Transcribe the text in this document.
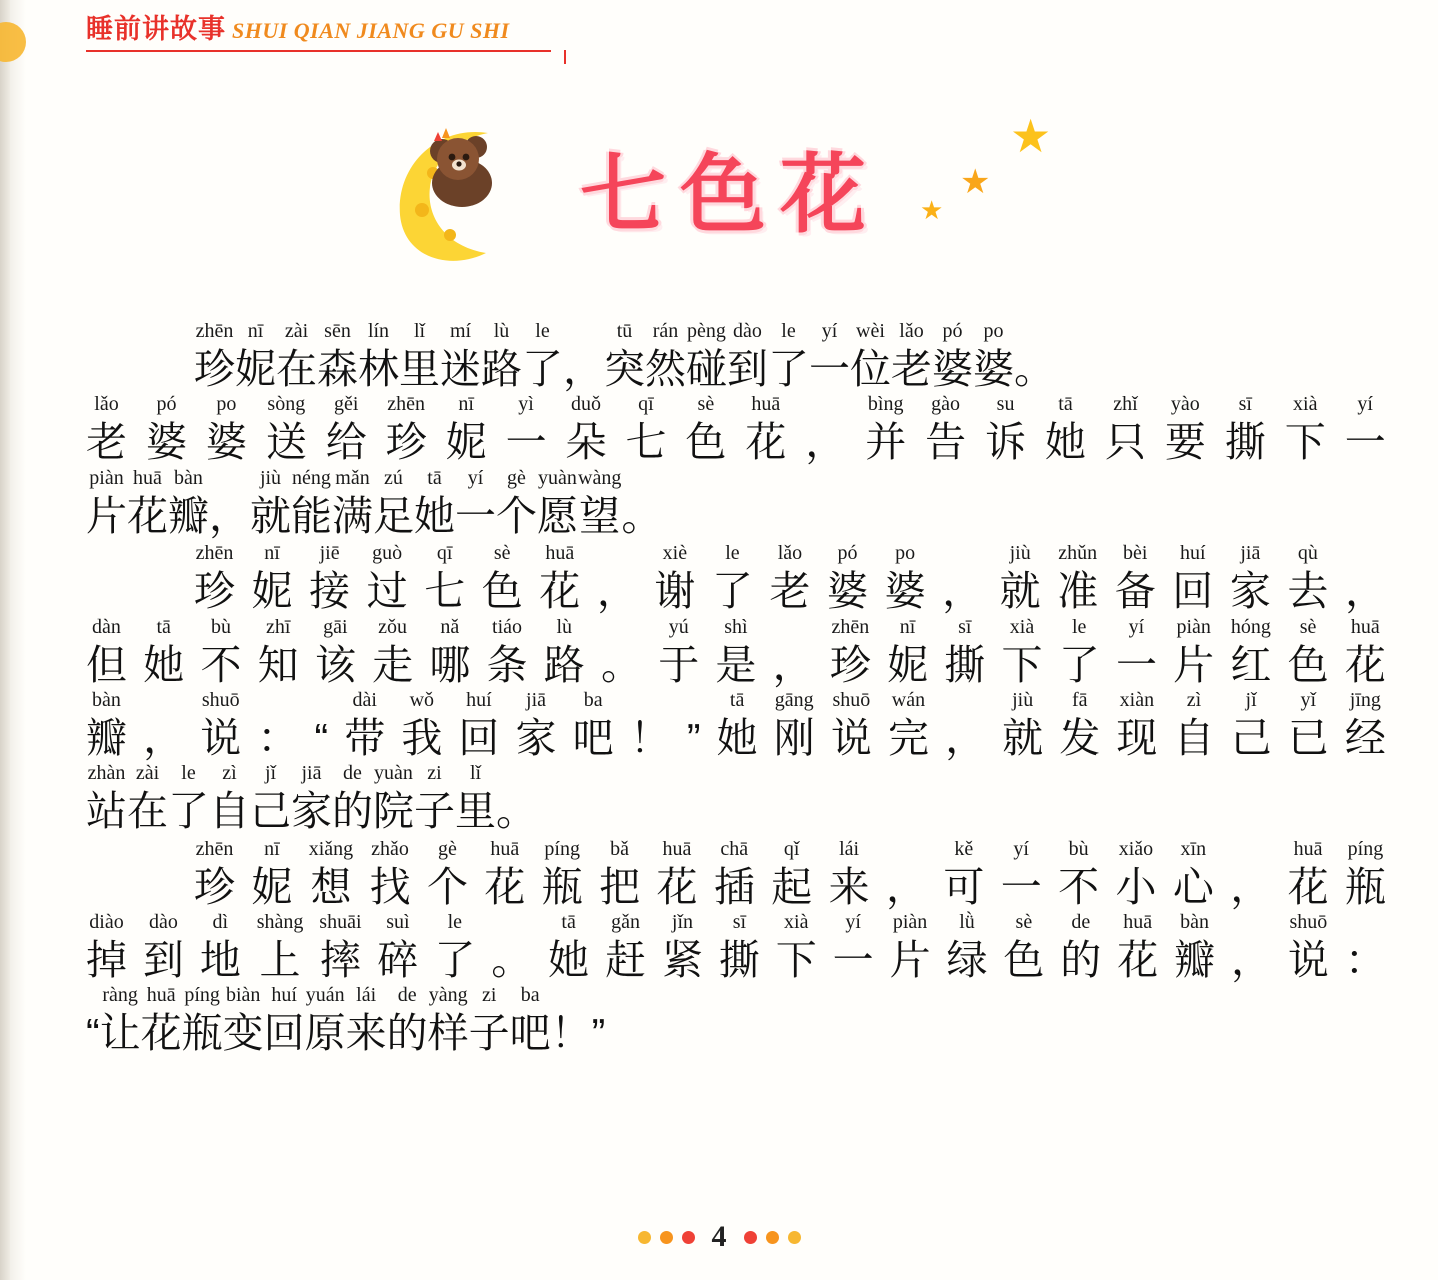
睡前讲故事 SHUI QIAN JIANG GU SHI
七色花
★
★
★
zhēn
珍
nī
妮
zài
在
sēn
森
lín
林
lǐ
里
mí
迷
lù
路
le
了 ，
tū
突
rán
然
pèng
碰
dào
到
le
了
yí
一
wèi
位
lǎo
老
pó
婆
po
婆 。
lǎo
老
pó
婆
po
婆
sòng
送
gěi
给
zhēn
珍
nī
妮
yì
一
duǒ
朵
qī
七
sè
色
huā
花 ，
bìng
并
gào
告
su
诉
tā
她
zhǐ
只
yào
要
sī
撕
xià
下
yí
一
piàn
片
huā
花
bàn
瓣 ，
jiù
就
néng
能
mǎn
满
zú
足
tā
她
yí
一
gè
个
yuàn
愿
wàng
望 。
zhēn
珍
nī
妮
jiē
接
guò
过
qī
七
sè
色
huā
花 ，
xiè
谢
le
了
lǎo
老
pó
婆
po
婆 ，
jiù
就
zhǔn
准
bèi
备
huí
回
jiā
家
qù
去 ，
dàn
但
tā
她
bù
不
zhī
知
gāi
该
zǒu
走
nǎ
哪
tiáo
条
lù
路 。
yú
于
shì
是 ，
zhēn
珍
nī
妮
sī
撕
xià
下
le
了
yí
一
piàn
片
hóng
红
sè
色
huā
花
bàn
瓣 ，
shuō
说 ： “
dài
带
wǒ
我
huí
回
jiā
家
ba
吧 ！ ”
tā
她
gāng
刚
shuō
说
wán
完 ，
jiù
就
fā
发
xiàn
现
zì
自
jǐ
己
yǐ
已
jīng
经
zhàn
站
zài
在
le
了
zì
自
jǐ
己
jiā
家
de
的
yuàn
院
zi
子
lǐ
里 。
zhēn
珍
nī
妮
xiǎng
想
zhǎo
找
gè
个
huā
花
píng
瓶
bǎ
把
huā
花
chā
插
qǐ
起
lái
来 ，
kě
可
yí
一
bù
不
xiǎo
小
xīn
心 ，
huā
花
píng
瓶
diào
掉
dào
到
dì
地
shàng
上
shuāi
摔
suì
碎
le
了 。
tā
她
gǎn
赶
jǐn
紧
sī
撕
xià
下
yí
一
piàn
片
lǜ
绿
sè
色
de
的
huā
花
bàn
瓣 ，
shuō
说 ：
“
ràng
让
huā
花
píng
瓶
biàn
变
huí
回
yuán
原
lái
来
de
的
yàng
样
zi
子
ba
吧 ！ ”
4
